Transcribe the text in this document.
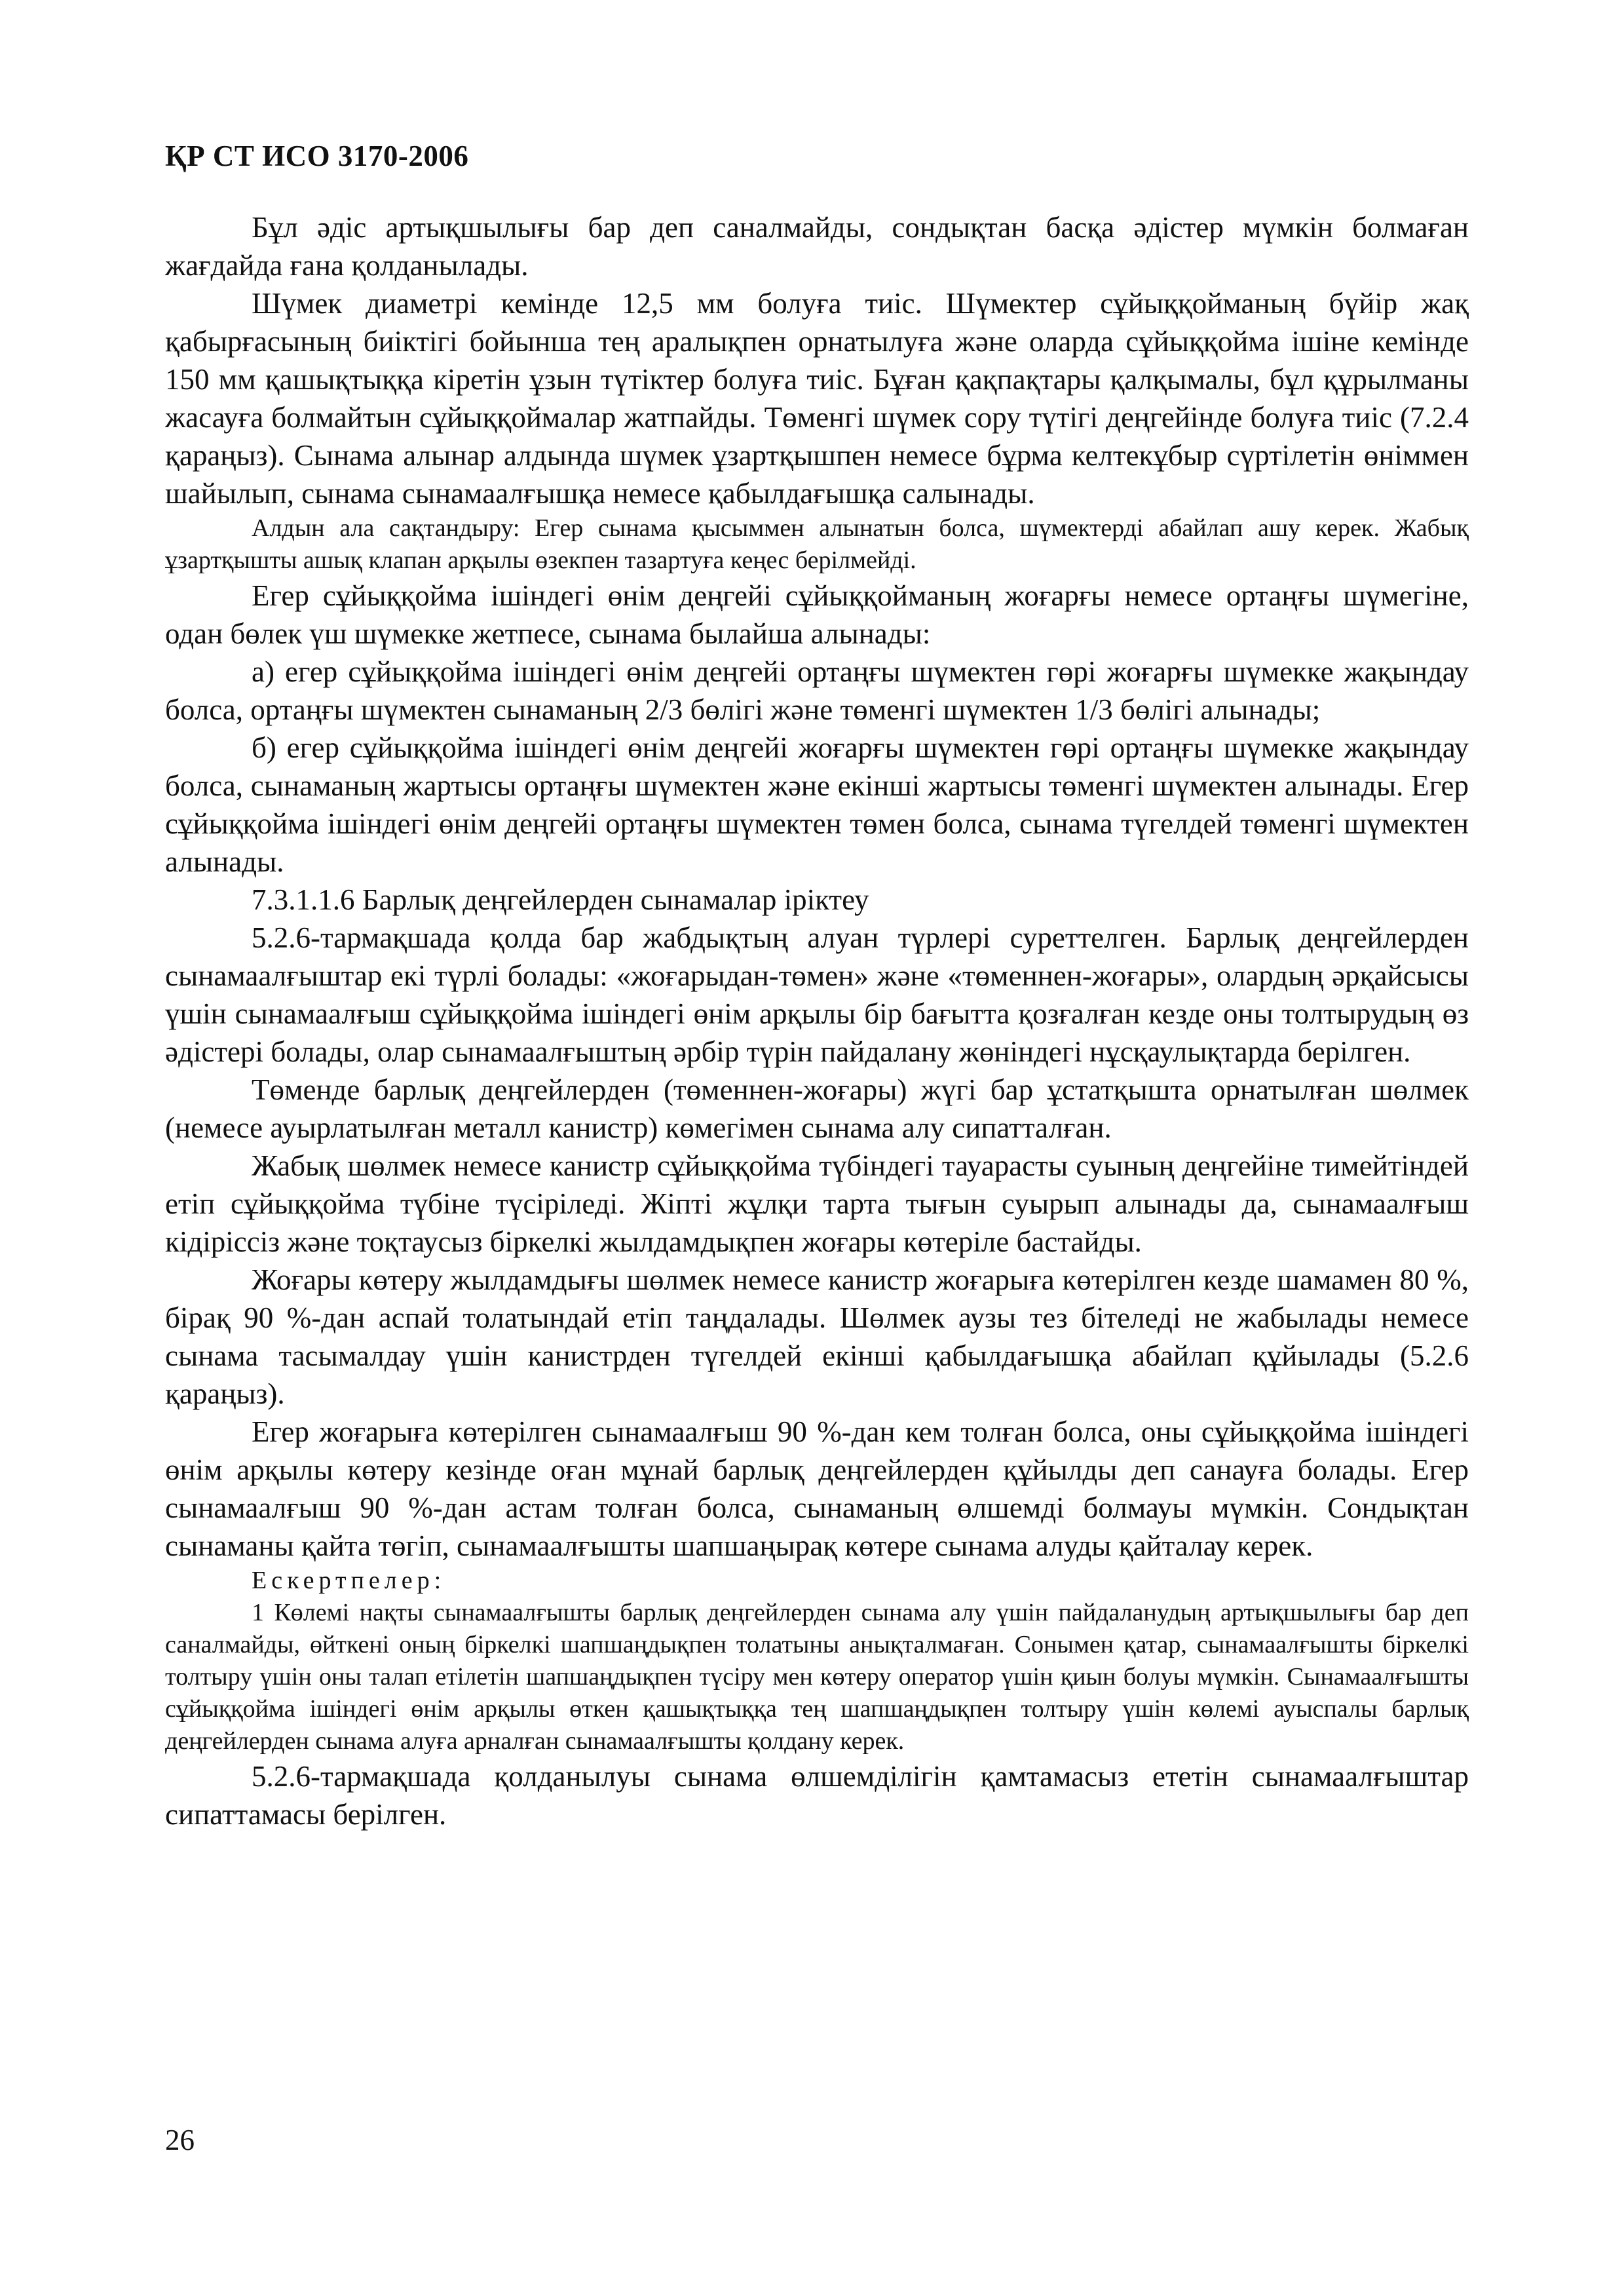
ҚР СТ ИСО 3170-2006

Бұл әдіс артықшылығы бар деп саналмайды, сондықтан басқа әдістер мүмкін болмаған жағдайда ғана қолданылады.

Шүмек диаметрі кемінде 12,5 мм болуға тиіс. Шүмектер сұйыққойманың бүйір жақ қабырғасының биіктігі бойынша тең аралықпен орнатылуға және оларда сұйыққойма ішіне кемінде 150 мм қашықтыққа кіретін ұзын түтіктер болуға тиіс. Бұған қақпақтары қалқымалы, бұл құрылманы жасауға болмайтын сұйыққоймалар жатпайды. Төменгі шүмек сору түтігі деңгейінде болуға тиіс (7.2.4 қараңыз). Сынама алынар алдында шүмек ұзартқышпен немесе бұрма келтекұбыр сүртілетін өніммен шайылып, сынама сынамаалғышқа немесе қабылдағышқа салынады.

Алдын ала сақтандыру: Егер сынама қысыммен алынатын болса, шүмектерді абайлап ашу керек. Жабық ұзартқышты ашық клапан арқылы өзекпен тазартуға кеңес берілмейді.

Егер сұйыққойма ішіндегі өнім деңгейі сұйыққойманың жоғарғы немесе ортаңғы шүмегіне, одан бөлек үш шүмекке жетпесе, сынама былайша алынады:

а) егер сұйыққойма ішіндегі өнім деңгейі ортаңғы шүмектен гөрі жоғарғы шүмекке жақындау болса, ортаңғы шүмектен сынаманың 2/3 бөлігі және төменгі шүмектен 1/3 бөлігі алынады;

б) егер сұйыққойма ішіндегі өнім деңгейі жоғарғы шүмектен гөрі ортаңғы шүмекке жақындау болса, сынаманың жартысы ортаңғы шүмектен және екінші жартысы төменгі шүмектен алынады. Егер сұйыққойма ішіндегі өнім деңгейі ортаңғы шүмектен төмен болса, сынама түгелдей төменгі шүмектен алынады.

7.3.1.1.6 Барлық деңгейлерден сынамалар іріктеу

5.2.6-тармақшада қолда бар жабдықтың алуан түрлері суреттелген. Барлық деңгейлерден сынамаалғыштар екі түрлі болады: «жоғарыдан-төмен» және «төменнен-жоғары», олардың әрқайсысы үшін сынамаалғыш сұйыққойма ішіндегі өнім арқылы бір бағытта қозғалған кезде оны толтырудың өз әдістері болады, олар сынамаалғыштың әрбір түрін пайдалану жөніндегі нұсқаулықтарда берілген.

Төменде барлық деңгейлерден (төменнен-жоғары) жүгі бар ұстатқышта орнатылған шөлмек (немесе ауырлатылған металл канистр) көмегімен сынама алу сипатталған.

Жабық шөлмек немесе канистр сұйыққойма түбіндегі тауарасты суының деңгейіне тимейтіндей етіп сұйыққойма түбіне түсіріледі. Жіпті жұлқи тарта тығын суырып алынады да, сынамаалғыш кідіріссіз және тоқтаусыз біркелкі жылдамдықпен жоғары көтеріле бастайды.

Жоғары көтеру жылдамдығы шөлмек немесе канистр жоғарыға көтерілген кезде шамамен 80 %, бірақ 90 %-дан аспай толатындай етіп таңдалады. Шөлмек аузы тез бітеледі не жабылады немесе сынама тасымалдау үшін канистрден түгелдей екінші қабылдағышқа абайлап құйылады (5.2.6 қараңыз).

Егер жоғарыға көтерілген сынамаалғыш 90 %-дан кем толған болса, оны сұйыққойма ішіндегі өнім арқылы көтеру кезінде оған мұнай барлық деңгейлерден құйылды деп санауға болады. Егер сынамаалғыш 90 %-дан астам толған болса, сынаманың өлшемді болмауы мүмкін. Сондықтан сынаманы қайта төгіп, сынамаалғышты шапшаңырақ көтере сынама алуды қайталау керек.

Ескертпелер:

1 Көлемі нақты сынамаалғышты барлық деңгейлерден сынама алу үшін пайдаланудың артықшылығы бар деп саналмайды, өйткені оның біркелкі шапшаңдықпен толатыны анықталмаған. Сонымен қатар, сынамаалғышты біркелкі толтыру үшін оны талап етілетін шапшаңдықпен түсіру мен көтеру оператор үшін қиын болуы мүмкін. Сынамаалғышты сұйыққойма ішіндегі өнім арқылы өткен қашықтыққа тең шапшаңдықпен толтыру үшін көлемі ауыспалы барлық деңгейлерден сынама алуға арналған сынамаалғышты қолдану керек.

5.2.6-тармақшада қолданылуы сынама өлшемділігін қамтамасыз ететін сынамаалғыштар сипаттамасы берілген.

26
